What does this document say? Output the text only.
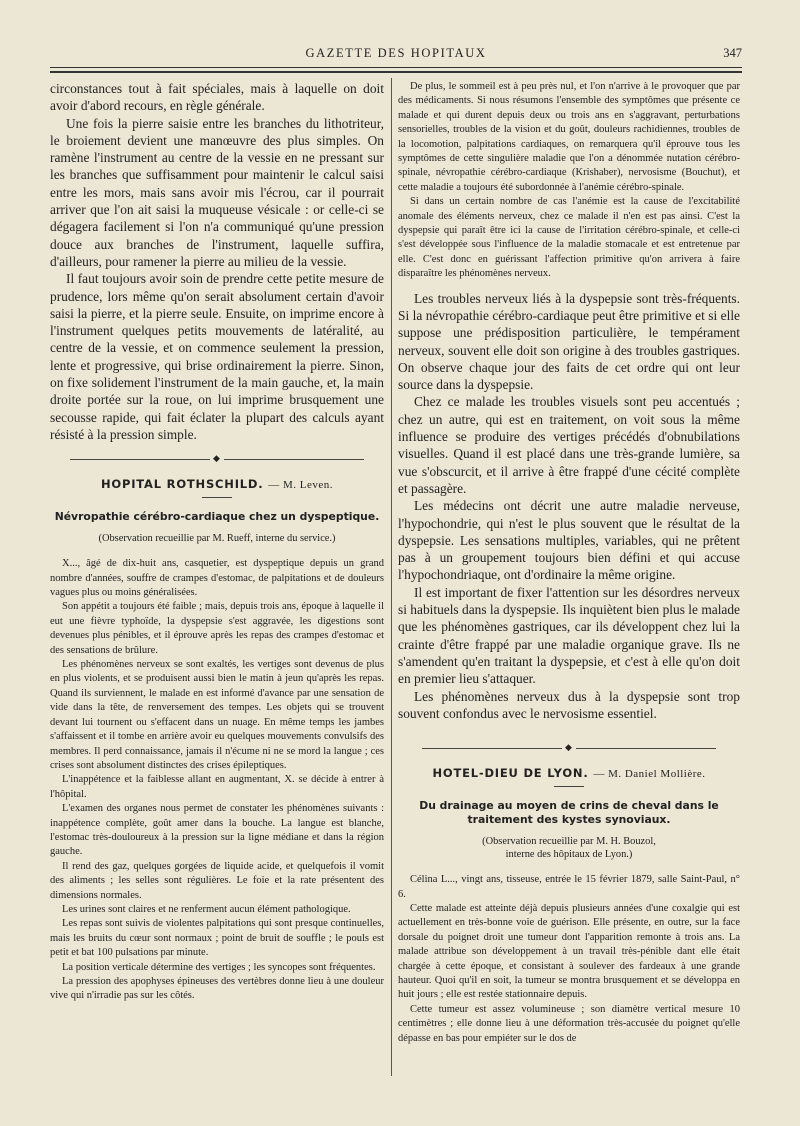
GAZETTE DES HOPITAUX	347

circonstances tout à fait spéciales, mais à laquelle on doit avoir d'abord recours, en règle générale.

Une fois la pierre saisie entre les branches du lithotriteur, le broiement devient une manœuvre des plus simples. On ramène l'instrument au centre de la vessie en ne pressant sur les branches que suffisamment pour maintenir le calcul saisi entre les mors, mais sans avoir mis l'écrou, car il pourrait arriver que l'on ait saisi la muqueuse vésicale : or celle-ci se dégagera facilement si l'on n'a communiqué qu'une pression douce aux branches de l'instrument, laquelle suffira, d'ailleurs, pour ramener la pierre au milieu de la vessie.

Il faut toujours avoir soin de prendre cette petite mesure de prudence, lors même qu'on serait absolument certain d'avoir saisi la pierre, et la pierre seule. Ensuite, on imprime encore à l'instrument quelques petits mouvements de latéralité, au centre de la vessie, et on commence seulement la pression, lente et progressive, qui brise ordinairement la pierre. Sinon, on fixe solidement l'instrument de la main gauche, et, la main droite portée sur la roue, on lui imprime brusquement une secousse rapide, qui fait éclater la plupart des calculs ayant résisté à la pression simple.

◆
HOPITAL ROTHSCHILD. — M. Leven.
Névropathie cérébro-cardiaque chez un dyspeptique.
(Observation recueillie par M. Rueff, interne du service.)

X..., âgé de dix-huit ans, casquetier, est dyspeptique depuis un grand nombre d'années, souffre de crampes d'estomac, de palpitations et de douleurs vagues plus ou moins généralisées.

Son appétit a toujours été faible ; mais, depuis trois ans, époque à laquelle il eut une fièvre typhoïde, la dyspepsie s'est aggravée, les digestions sont devenues plus pénibles, et il éprouve après les repas des crampes d'estomac et des sensations de brûlure.

Les phénomènes nerveux se sont exaltés, les vertiges sont devenus de plus en plus violents, et se produisent aussi bien le matin à jeun qu'après les repas. Quand ils surviennent, le malade en est informé d'avance par une sensation de vide dans la tête, de renversement des tempes. Les objets qui se trouvent devant lui tournent ou s'effacent dans un nuage. En même temps les jambes s'affaissent et il tombe en arrière avoir eu quelques mouvements convulsifs des membres. Il perd connaissance, jamais il n'écume ni ne se mord la langue ; ces crises sont absolument distinctes des crises épileptiques.

L'inappétence et la faiblesse allant en augmentant, X. se décide à entrer à l'hôpital.

L'examen des organes nous permet de constater les phénomènes suivants : inappétence complète, goût amer dans la bouche. La langue est blanche, l'estomac très-douloureux à la pression sur la ligne médiane et dans la région gauche.

Il rend des gaz, quelques gorgées de liquide acide, et quelquefois il vomit des aliments ; les selles sont régulières. Le foie et la rate présentent des dimensions normales.

Les urines sont claires et ne renferment aucun élément pathologique.

Les repas sont suivis de violentes palpitations qui sont presque continuelles, mais les bruits du cœur sont normaux ; point de bruit de souffle ; le pouls est petit et bat 100 pulsations par minute.

La position verticale détermine des vertiges ; les syncopes sont fréquentes.

La pression des apophyses épineuses des vertèbres donne lieu à une douleur vive qui n'irradie pas sur les côtés.

De plus, le sommeil est à peu près nul, et l'on n'arrive à le provoquer que par des médicaments. Si nous résumons l'ensemble des symptômes que présente ce malade et qui durent depuis deux ou trois ans en s'aggravant, perturbations sensorielles, troubles de la vision et du goût, douleurs rachidiennes, troubles de la locomotion, palpitations cardiaques, on remarquera qu'il éprouve tous les symptômes de cette singulière maladie que l'on a dénommée nutation cérébro-spinale, névropathie cérébro-cardiaque (Krishaber), nervosisme (Bouchut), et cette maladie a toujours été subordonnée à l'anémie cérébro-spinale.

Si dans un certain nombre de cas l'anémie est la cause de l'excitabilité anomale des éléments nerveux, chez ce malade il n'en est pas ainsi. C'est la dyspepsie qui paraît être ici la cause de l'irritation cérébro-spinale, et celle-ci s'est développée sous l'influence de la maladie stomacale et est entretenue par elle. C'est donc en guérissant l'affection primitive qu'on arrivera à faire disparaître les phénomènes nerveux.

Les troubles nerveux liés à la dyspepsie sont très-fréquents. Si la névropathie cérébro-cardiaque peut être primitive et si elle suppose une prédisposition particulière, le tempérament nerveux, souvent elle doit son origine à des troubles gastriques. On observe chaque jour des faits de cet ordre qui ont leur source dans la dyspepsie.

Chez ce malade les troubles visuels sont peu accentués ; chez un autre, qui est en traitement, on voit sous la même influence se produire des vertiges précédés d'obnubilations visuelles. Quand il est placé dans une très-grande lumière, sa vue s'obscurcit, et il arrive à être frappé d'une cécité complète et passagère.

Les médecins ont décrit une autre maladie nerveuse, l'hypochondrie, qui n'est le plus souvent que le résultat de la dyspepsie. Les sensations multiples, variables, qui ne prêtent pas à un groupement toujours bien défini et qui accuse l'hypochondriaque, ont d'ordinaire la même origine.

Il est important de fixer l'attention sur les désordres nerveux si habituels dans la dyspepsie. Ils inquiètent bien plus le malade que les phénomènes gastriques, car ils développent chez lui la crainte d'être frappé par une maladie organique grave. Ils ne s'amendent qu'en traitant la dyspepsie, et c'est à elle qu'on doit en premier lieu s'attaquer.

Les phénomènes nerveux dus à la dyspepsie sont trop souvent confondus avec le nervosisme essentiel.

◆
HOTEL-DIEU DE LYON. — M. Daniel Mollière.
Du drainage au moyen de crins de cheval dans le traitement des kystes synoviaux.
(Observation recueillie par M. H. Bouzol,
interne des hôpitaux de Lyon.)

Célina L..., vingt ans, tisseuse, entrée le 15 février 1879, salle Saint-Paul, n° 6.

Cette malade est atteinte déjà depuis plusieurs années d'une coxalgie qui est actuellement en très-bonne voie de guérison. Elle présente, en outre, sur la face dorsale du poignet droit une tumeur dont l'apparition remonte à trois ans. La malade attribue son développement à un travail très-pénible dant elle était chargée à cette époque, et consistant à soulever des fardeaux à une grande hauteur. Quoi qu'il en soit, la tumeur se montra brusquement et se développa en huit jours ; elle est restée stationnaire depuis.

Cette tumeur est assez volumineuse ; son diamètre vertical mesure 10 centimètres ; elle donne lieu à une déformation très-accusée du poignet qu'elle dépasse en bas pour empiéter sur le dos de
